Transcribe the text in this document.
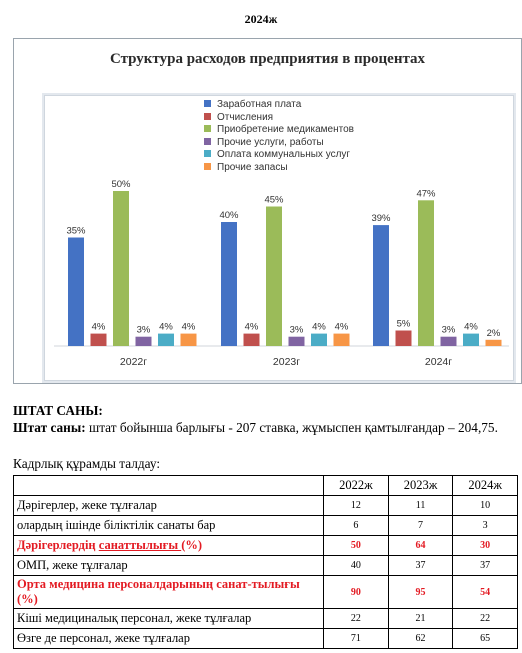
2024ж
Структура расходов предприятия в процентах
Заработная плата
Отчисления
Приобретение медикаментов
Прочие услуги, работы
Оплата коммунальных услуг
Прочие запасы
35%
4%
50%
3% 4% 4%
2022г
40%
4%
45%
3% 4% 4%
2023г
39%
5%
47%
3% 4%
2%
2024г
ШТАТ САНЫ:
Штат саны: штат бойынша барлығы - 207 ставка, жұмыспен қамтылғандар – 204,75.
Кадрлық құрамды талдау:
	2022ж	2023ж	2024ж
Дәрігерлер, жеке тұлғалар	12	11	10
олардың ішінде біліктілік санаты бар	6	7	3
Дәрігерлердің санаттылығы (%)	50	64	30
ОМП, жеке тұлғалар	40	37	37
Орта медицина персоналдарының санат-тылығы (%)	90	95	54
Кіші медициналық персонал, жеке тұлғалар	22	21	22
Өзге де персонал, жеке тұлғалар	71	62	65
